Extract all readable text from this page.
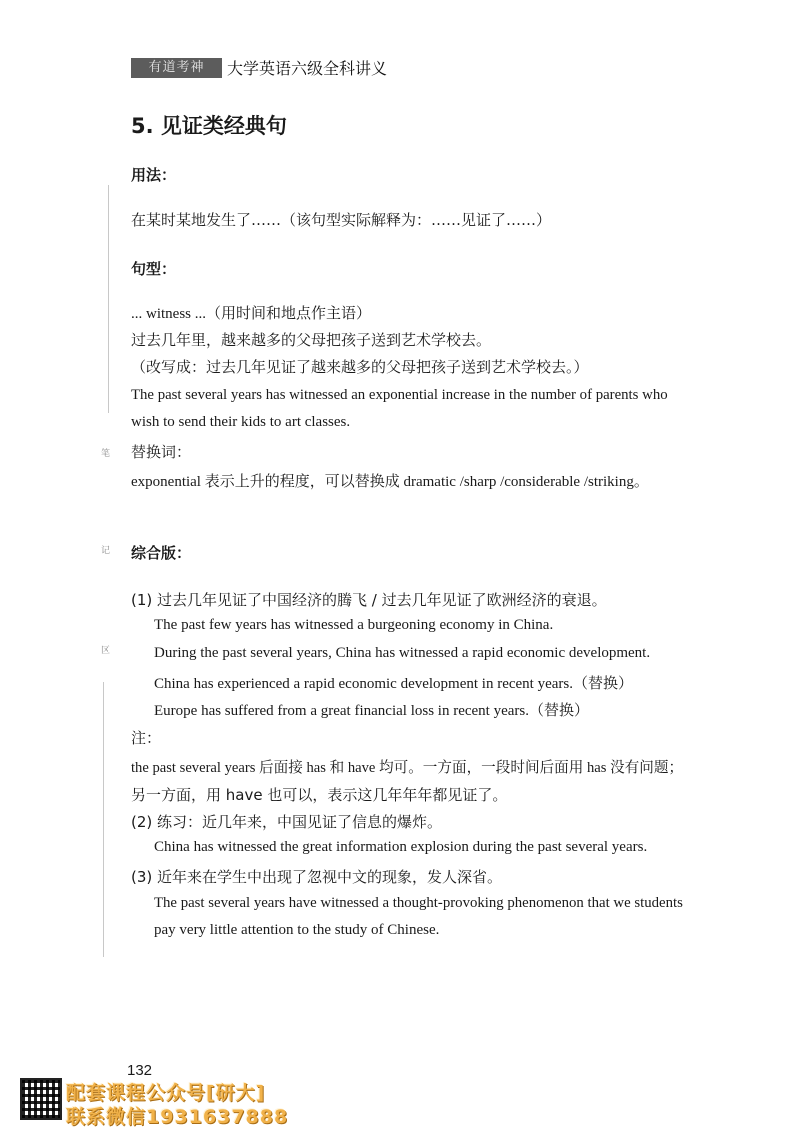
有道考神	大学英语六级全科讲义
5. 见证类经典句
用法：
在某时某地发生了……（该句型实际解释为：……见证了……）
句型：
... witness ...（用时间和地点作主语）
过去几年里，越来越多的父母把孩子送到艺术学校去。
（改写成：过去几年见证了越来越多的父母把孩子送到艺术学校去。）
The past several years has witnessed an exponential increase in the number of parents who
wish to send their kids to art classes.
笔
记
区
替换词：
exponential 表示上升的程度，可以替换成 dramatic /sharp /considerable /striking。
综合版：
(1) 过去几年见证了中国经济的腾飞 / 过去几年见证了欧洲经济的衰退。
The past few years has witnessed a burgeoning economy in China.
During the past several years, China has witnessed a rapid economic development.
China has experienced a rapid economic development in recent years.（替换）
Europe has suffered from a great financial loss in recent years.（替换）
注：
the past several years 后面接 has 和 have 均可。一方面，一段时间后面用 has 没有问题；
另一方面，用 have 也可以，表示这几年年年都见证了。
(2) 练习：近几年来，中国见证了信息的爆炸。
China has witnessed the great information explosion during the past several years.
(3) 近年来在学生中出现了忽视中文的现象，发人深省。
The past several years have witnessed a thought-provoking phenomenon that we students
pay very little attention to the study of Chinese.
132
配套课程公众号[研大]
联系微信1931637888
